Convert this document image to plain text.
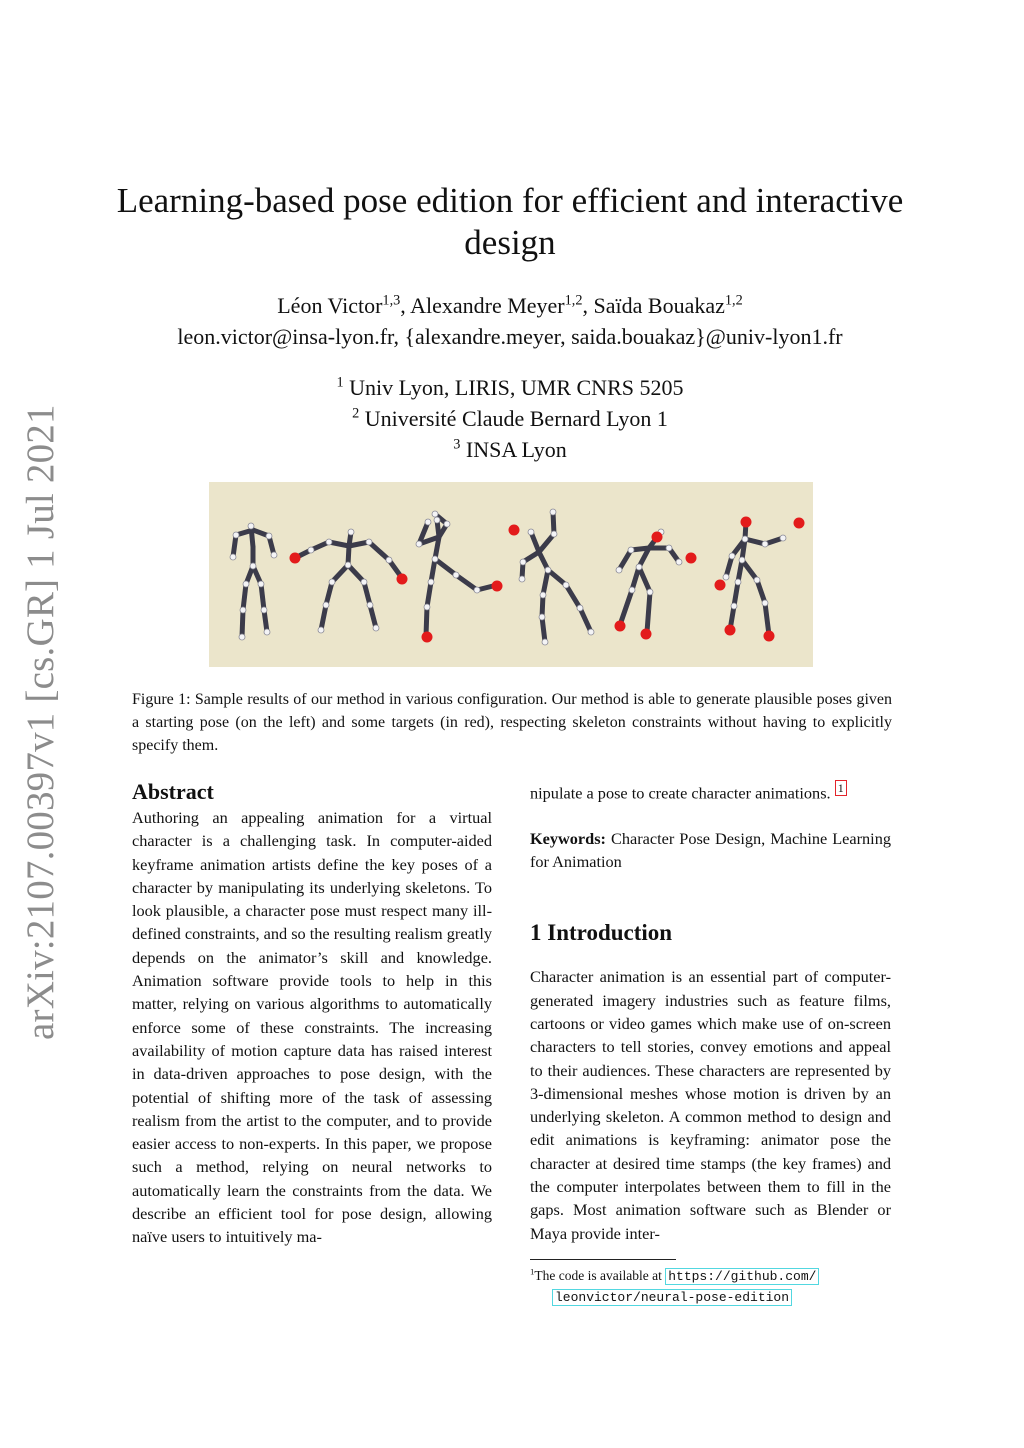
arXiv:2107.00397v1 [cs.GR] 1 Jul 2021
Learning-based pose edition for efficient and interactive design
Léon Victor$^{1,3}$, Alexandre Meyer$^{1,2}$, Saïda Bouakaz$^{1,2}$
leon.victor@insa-lyon.fr, {alexandre.meyer, saida.bouakaz}@univ-lyon1.fr
$^1$ Univ Lyon, LIRIS, UMR CNRS 5205
$^2$ Université Claude Bernard Lyon 1
$^3$ INSA Lyon
Figure 1: Sample results of our method in various configuration. Our method is able to generate plausible poses given a starting pose (on the left) and some targets (in red), respecting skeleton constraints without having to explicitly specify them.
Abstract

Authoring an appealing animation for a virtual character is a challenging task. In computer-aided keyframe animation artists define the key poses of a character by manipulating its underlying skeletons. To look plausible, a character pose must respect many ill-defined constraints, and so the resulting realism greatly depends on the animator’s skill and knowledge. Animation software provide tools to help in this matter, relying on various algorithms to automatically enforce some of these constraints. The increasing availability of motion capture data has raised interest in data-driven approaches to pose design, with the potential of shifting more of the task of assessing realism from the artist to the computer, and to provide easier access to non-experts. In this paper, we propose such a method, relying on neural networks to automatically learn the constraints from the data. We describe an efficient tool for pose design, allowing naïve users to intuitively ma-

nipulate a pose to create character animations. 1

Keywords: Character Pose Design, Machine Learning for Animation

1 Introduction

Character animation is an essential part of computer-generated imagery industries such as feature films, cartoons or video games which make use of on-screen characters to tell stories, convey emotions and appeal to their audiences. These characters are represented by 3-dimensional meshes whose motion is driven by an underlying skeleton. A common method to design and edit animations is keyframing: animator pose the character at desired time stamps (the key frames) and the computer interpolates between them to fill in the gaps. Most animation software such as Blender or Maya provide inter-

$^1$The code is available at https://github.com/
leonvictor/neural-pose-edition
